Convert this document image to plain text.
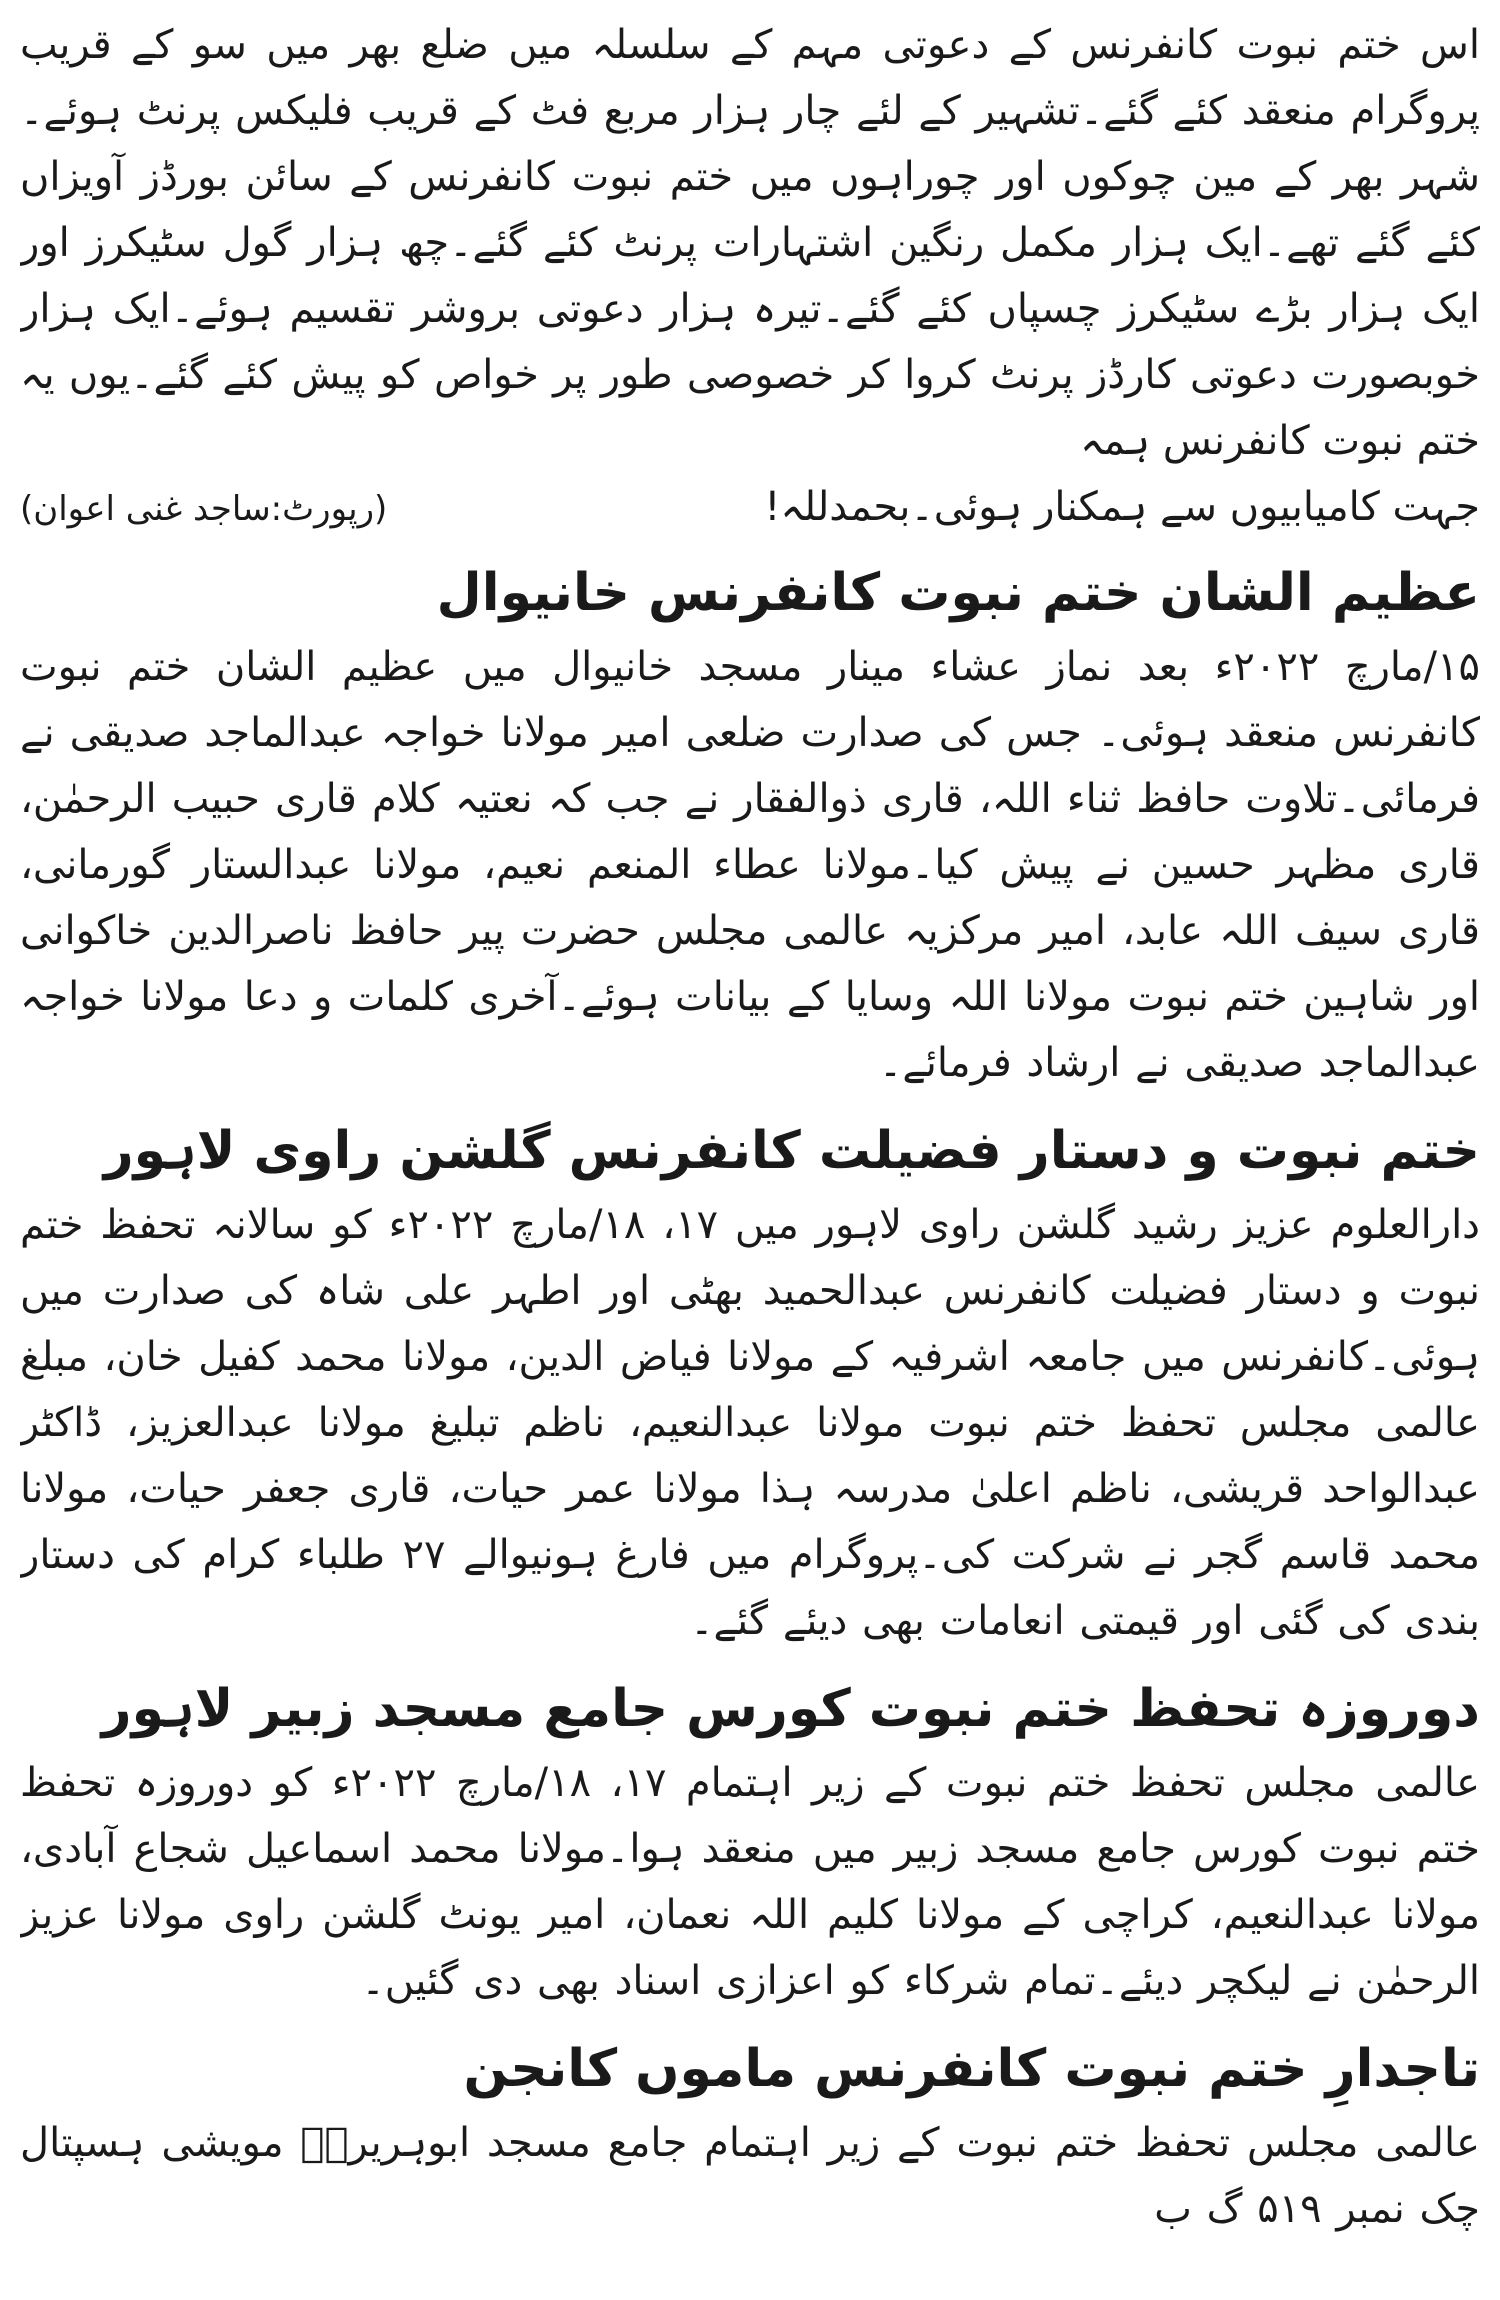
اس ختم نبوت کانفرنس کے دعوتی مہم کے سلسلہ میں ضلع بھر میں سو کے قریب پروگرام منعقد کئے گئے۔تشہیر کے لئے چار ہزار مربع فٹ کے قریب فلیکس پرنٹ ہوئے۔شہر بھر کے مین چوکوں اور چوراہوں میں ختم نبوت کانفرنس کے سائن بورڈز آویزاں کئے گئے تھے۔ایک ہزار مکمل رنگین اشتہارات پرنٹ کئے گئے۔چھ ہزار گول سٹیکرز اور ایک ہزار بڑے سٹیکرز چسپاں کئے گئے۔تیرہ ہزار دعوتی بروشر تقسیم ہوئے۔ایک ہزار خوبصورت دعوتی کارڈز پرنٹ کروا کر خصوصی طور پر خواص کو پیش کئے گئے۔یوں یہ ختم نبوت کانفرنس ہمہ

جہت کامیابیوں سے ہمکنار ہوئی۔بحمدللہ!
(رپورٹ:ساجد غنی اعوان)
عظیم الشان ختم نبوت کانفرنس خانیوال

۱۵/مارچ ۲۰۲۲ء بعد نماز عشاء مینار مسجد خانیوال میں عظیم الشان ختم نبوت کانفرنس منعقد ہوئی۔ جس کی صدارت ضلعی امیر مولانا خواجہ عبدالماجد صدیقی نے فرمائی۔تلاوت حافظ ثناء اللہ، قاری ذوالفقار نے جب کہ نعتیہ کلام قاری حبیب الرحمٰن، قاری مظہر حسین نے پیش کیا۔مولانا عطاء المنعم نعیم، مولانا عبدالستار گورمانی، قاری سیف اللہ عابد، امیر مرکزیہ عالمی مجلس حضرت پیر حافظ ناصرالدین خاکوانی اور شاہین ختم نبوت مولانا اللہ وسایا کے بیانات ہوئے۔آخری کلمات و دعا مولانا خواجہ عبدالماجد صدیقی نے ارشاد فرمائے۔

ختم نبوت و دستار فضیلت کانفرنس گلشن راوی لاہور

دارالعلوم عزیز رشید گلشن راوی لاہور میں ۱۷، ۱۸/مارچ ۲۰۲۲ء کو سالانہ تحفظ ختم نبوت و دستار فضیلت کانفرنس عبدالحمید بھٹی اور اطہر علی شاہ کی صدارت میں ہوئی۔کانفرنس میں جامعہ اشرفیہ کے مولانا فیاض الدین، مولانا محمد کفیل خان، مبلغ عالمی مجلس تحفظ ختم نبوت مولانا عبدالنعیم، ناظم تبلیغ مولانا عبدالعزیز، ڈاکٹر عبدالواحد قریشی، ناظم اعلیٰ مدرسہ ہذا مولانا عمر حیات، قاری جعفر حیات، مولانا محمد قاسم گجر نے شرکت کی۔پروگرام میں فارغ ہونیوالے ۲۷ طلباء کرام کی دستار بندی کی گئی اور قیمتی انعامات بھی دیئے گئے۔

دوروزہ تحفظ ختم نبوت کورس جامع مسجد زبیر لاہور

عالمی مجلس تحفظ ختم نبوت کے زیر اہتمام ۱۷، ۱۸/مارچ ۲۰۲۲ء کو دوروزہ تحفظ ختم نبوت کورس جامع مسجد زبیر میں منعقد ہوا۔مولانا محمد اسماعیل شجاع آبادی، مولانا عبدالنعیم، کراچی کے مولانا کلیم اللہ نعمان، امیر یونٹ گلشن راوی مولانا عزیز الرحمٰن نے لیکچر دیئے۔تمام شرکاء کو اعزازی اسناد بھی دی گئیں۔

تاجدارِ ختم نبوت کانفرنس ماموں کانجن

عالمی مجلس تحفظ ختم نبوت کے زیر اہتمام جامع مسجد ابوہریرہؓ مویشی ہسپتال چک نمبر ۵۱۹ گ ب
